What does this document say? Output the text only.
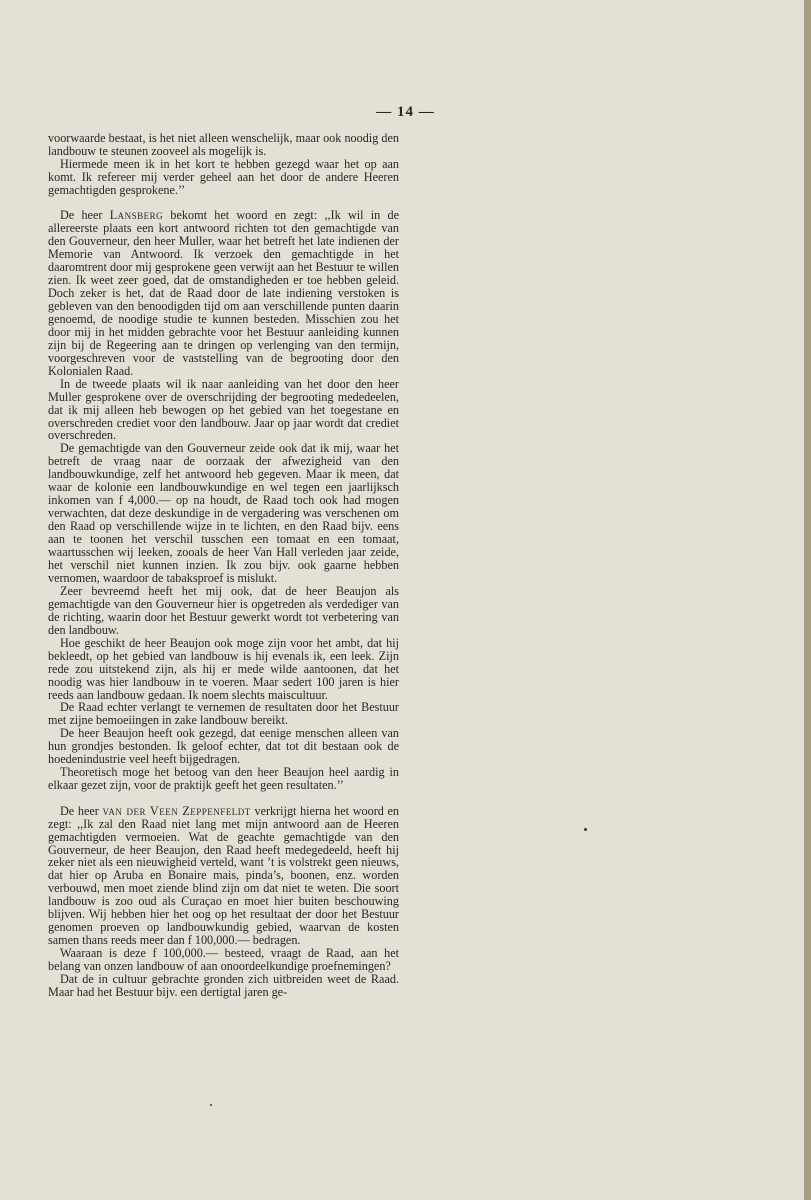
— 14 —

voorwaarde bestaat, is het niet alleen wenschelijk, maar ook noodig den landbouw te steunen zooveel als mogelijk is.

Hiermede meen ik in het kort te hebben gezegd waar het op aan komt. Ik refereer mij verder geheel aan het door de andere Heeren gemachtigden gesprokene.’’

De heer Lansberg bekomt het woord en zegt: ,,Ik wil in de allereerste plaats een kort antwoord richten tot den gemachtigde van den Gouverneur, den heer Muller, waar het betreft het late indienen der Memorie van Antwoord. Ik verzoek den gemachtigde in het daaromtrent door mij gesprokene geen verwijt aan het Bestuur te willen zien. Ik weet zeer goed, dat de omstandigheden er toe hebben geleid. Doch zeker is het, dat de Raad door de late indiening verstoken is gebleven van den benoodigden tijd om aan verschillende punten daarin genoemd, de noodige studie te kunnen besteden. Misschien zou het door mij in het midden gebrachte voor het Bestuur aanleiding kunnen zijn bij de Regeering aan te dringen op verlenging van den termijn, voorgeschreven voor de vaststelling van de begrooting door den Kolonialen Raad.

In de tweede plaats wil ik naar aanleiding van het door den heer Muller gesprokene over de overschrijding der begrooting mededeelen, dat ik mij alleen heb bewogen op het gebied van het toegestane en overschreden crediet voor den landbouw. Jaar op jaar wordt dat crediet overschreden.

De gemachtigde van den Gouverneur zeide ook dat ik mij, waar het betreft de vraag naar de oorzaak der afwezigheid van den landbouwkundige, zelf het antwoord heb gegeven. Maar ik meen, dat waar de kolonie een landbouwkundige en wel tegen een jaarlijksch inkomen van f 4,000.— op na houdt, de Raad toch ook had mogen verwachten, dat deze deskundige in de vergadering was verschenen om den Raad op verschillende wijze in te lichten, en den Raad bijv. eens aan te toonen het verschil tusschen een tomaat en een tomaat, waartusschen wij leeken, zooals de heer Van Hall verleden jaar zeide, het verschil niet kunnen inzien. Ik zou bijv. ook gaarne hebben vernomen, waardoor de tabaksproef is mislukt.

Zeer bevreemd heeft het mij ook, dat de heer Beaujon als gemachtigde van den Gouverneur hier is opgetreden als verdediger van de richting, waarin door het Bestuur gewerkt wordt tot verbetering van den landbouw.

Hoe geschikt de heer Beaujon ook moge zijn voor het ambt, dat hij bekleedt, op het gebied van landbouw is hij evenals ik, een leek. Zijn rede zou uitstekend zijn, als hij er mede wilde aantoonen, dat het noodig was hier landbouw in te voeren. Maar sedert 100 jaren is hier reeds aan landbouw gedaan. Ik noem slechts maiscultuur.

De Raad echter verlangt te vernemen de resultaten door het Bestuur met zijne bemoeiingen in zake landbouw bereikt.

De heer Beaujon heeft ook gezegd, dat eenige menschen alleen van hun grondjes bestonden. Ik geloof echter, dat tot dit bestaan ook de hoedenindustrie veel heeft bijgedragen.

Theoretisch moge het betoog van den heer Beaujon heel aardig in elkaar gezet zijn, voor de praktijk geeft het geen resultaten.’’

De heer van der Veen Zeppenfeldt verkrijgt hierna het woord en zegt: ,,Ik zal den Raad niet lang met mijn antwoord aan de Heeren gemachtigden vermoeien. Wat de geachte gemachtigde van den Gouverneur, de heer Beaujon, den Raad heeft medegedeeld, heeft hij zeker niet als een nieuwigheid verteld, want ’t is volstrekt geen nieuws, dat hier op Aruba en Bonaire mais, pinda’s, boonen, enz. worden verbouwd, men moet ziende blind zijn om dat niet te weten. Die soort landbouw is zoo oud als Curaçao en moet hier buiten beschouwing blijven. Wij hebben hier het oog op het resultaat der door het Bestuur genomen proeven op landbouwkundig gebied, waarvan de kosten samen thans reeds meer dan f 100,000.— bedragen.

Waaraan is deze f 100,000.— besteed, vraagt de Raad, aan het belang van onzen landbouw of aan onoordeelkundige proefnemingen?

Dat de in cultuur gebrachte gronden zich uitbreiden weet de Raad. Maar had het Bestuur bijv. een dertigtal jaren ge-
